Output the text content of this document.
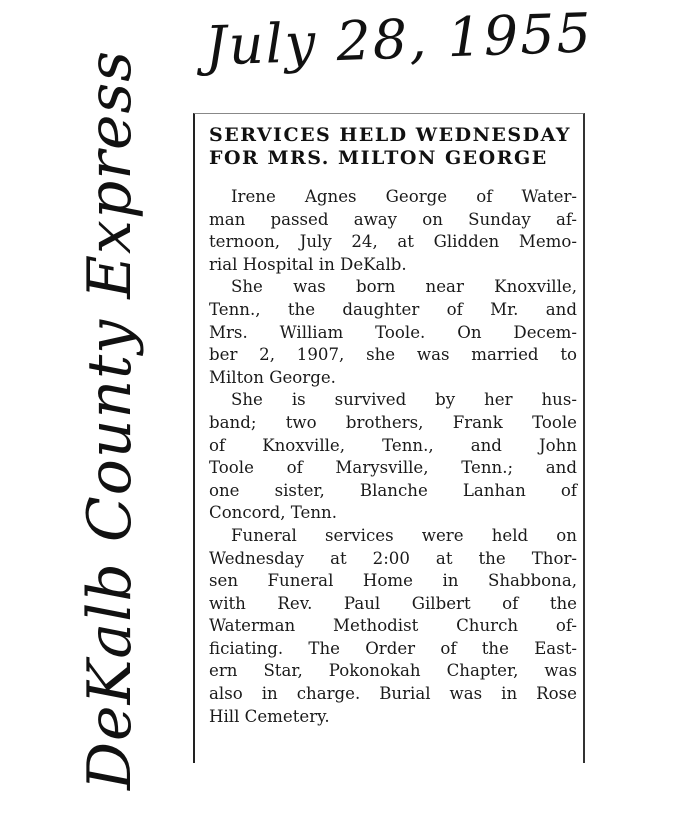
July 28, 1955
DeKalb County Express	SERVICES HELD WEDNESDAY
FOR MRS. MILTON GEORGE
Irene Agnes George of Water-
man passed away on Sunday af-
ternoon, July 24, at Glidden Memo-
rial Hospital in DeKalb.
She was born near Knoxville,
Tenn., the daughter of Mr. and
Mrs. William Toole. On Decem-
ber 2, 1907, she was married to
Milton George.
She is survived by her hus-
band; two brothers, Frank Toole
of Knoxville, Tenn., and John
Toole of Marysville, Tenn.; and
one sister, Blanche Lanhan of
Concord, Tenn.
Funeral services were held on
Wednesday at 2:00 at the Thor-
sen Funeral Home in Shabbona,
with Rev. Paul Gilbert of the
Waterman Methodist Church of-
ficiating. The Order of the East-
ern Star, Pokonokah Chapter, was
also in charge. Burial was in Rose
Hill Cemetery.
